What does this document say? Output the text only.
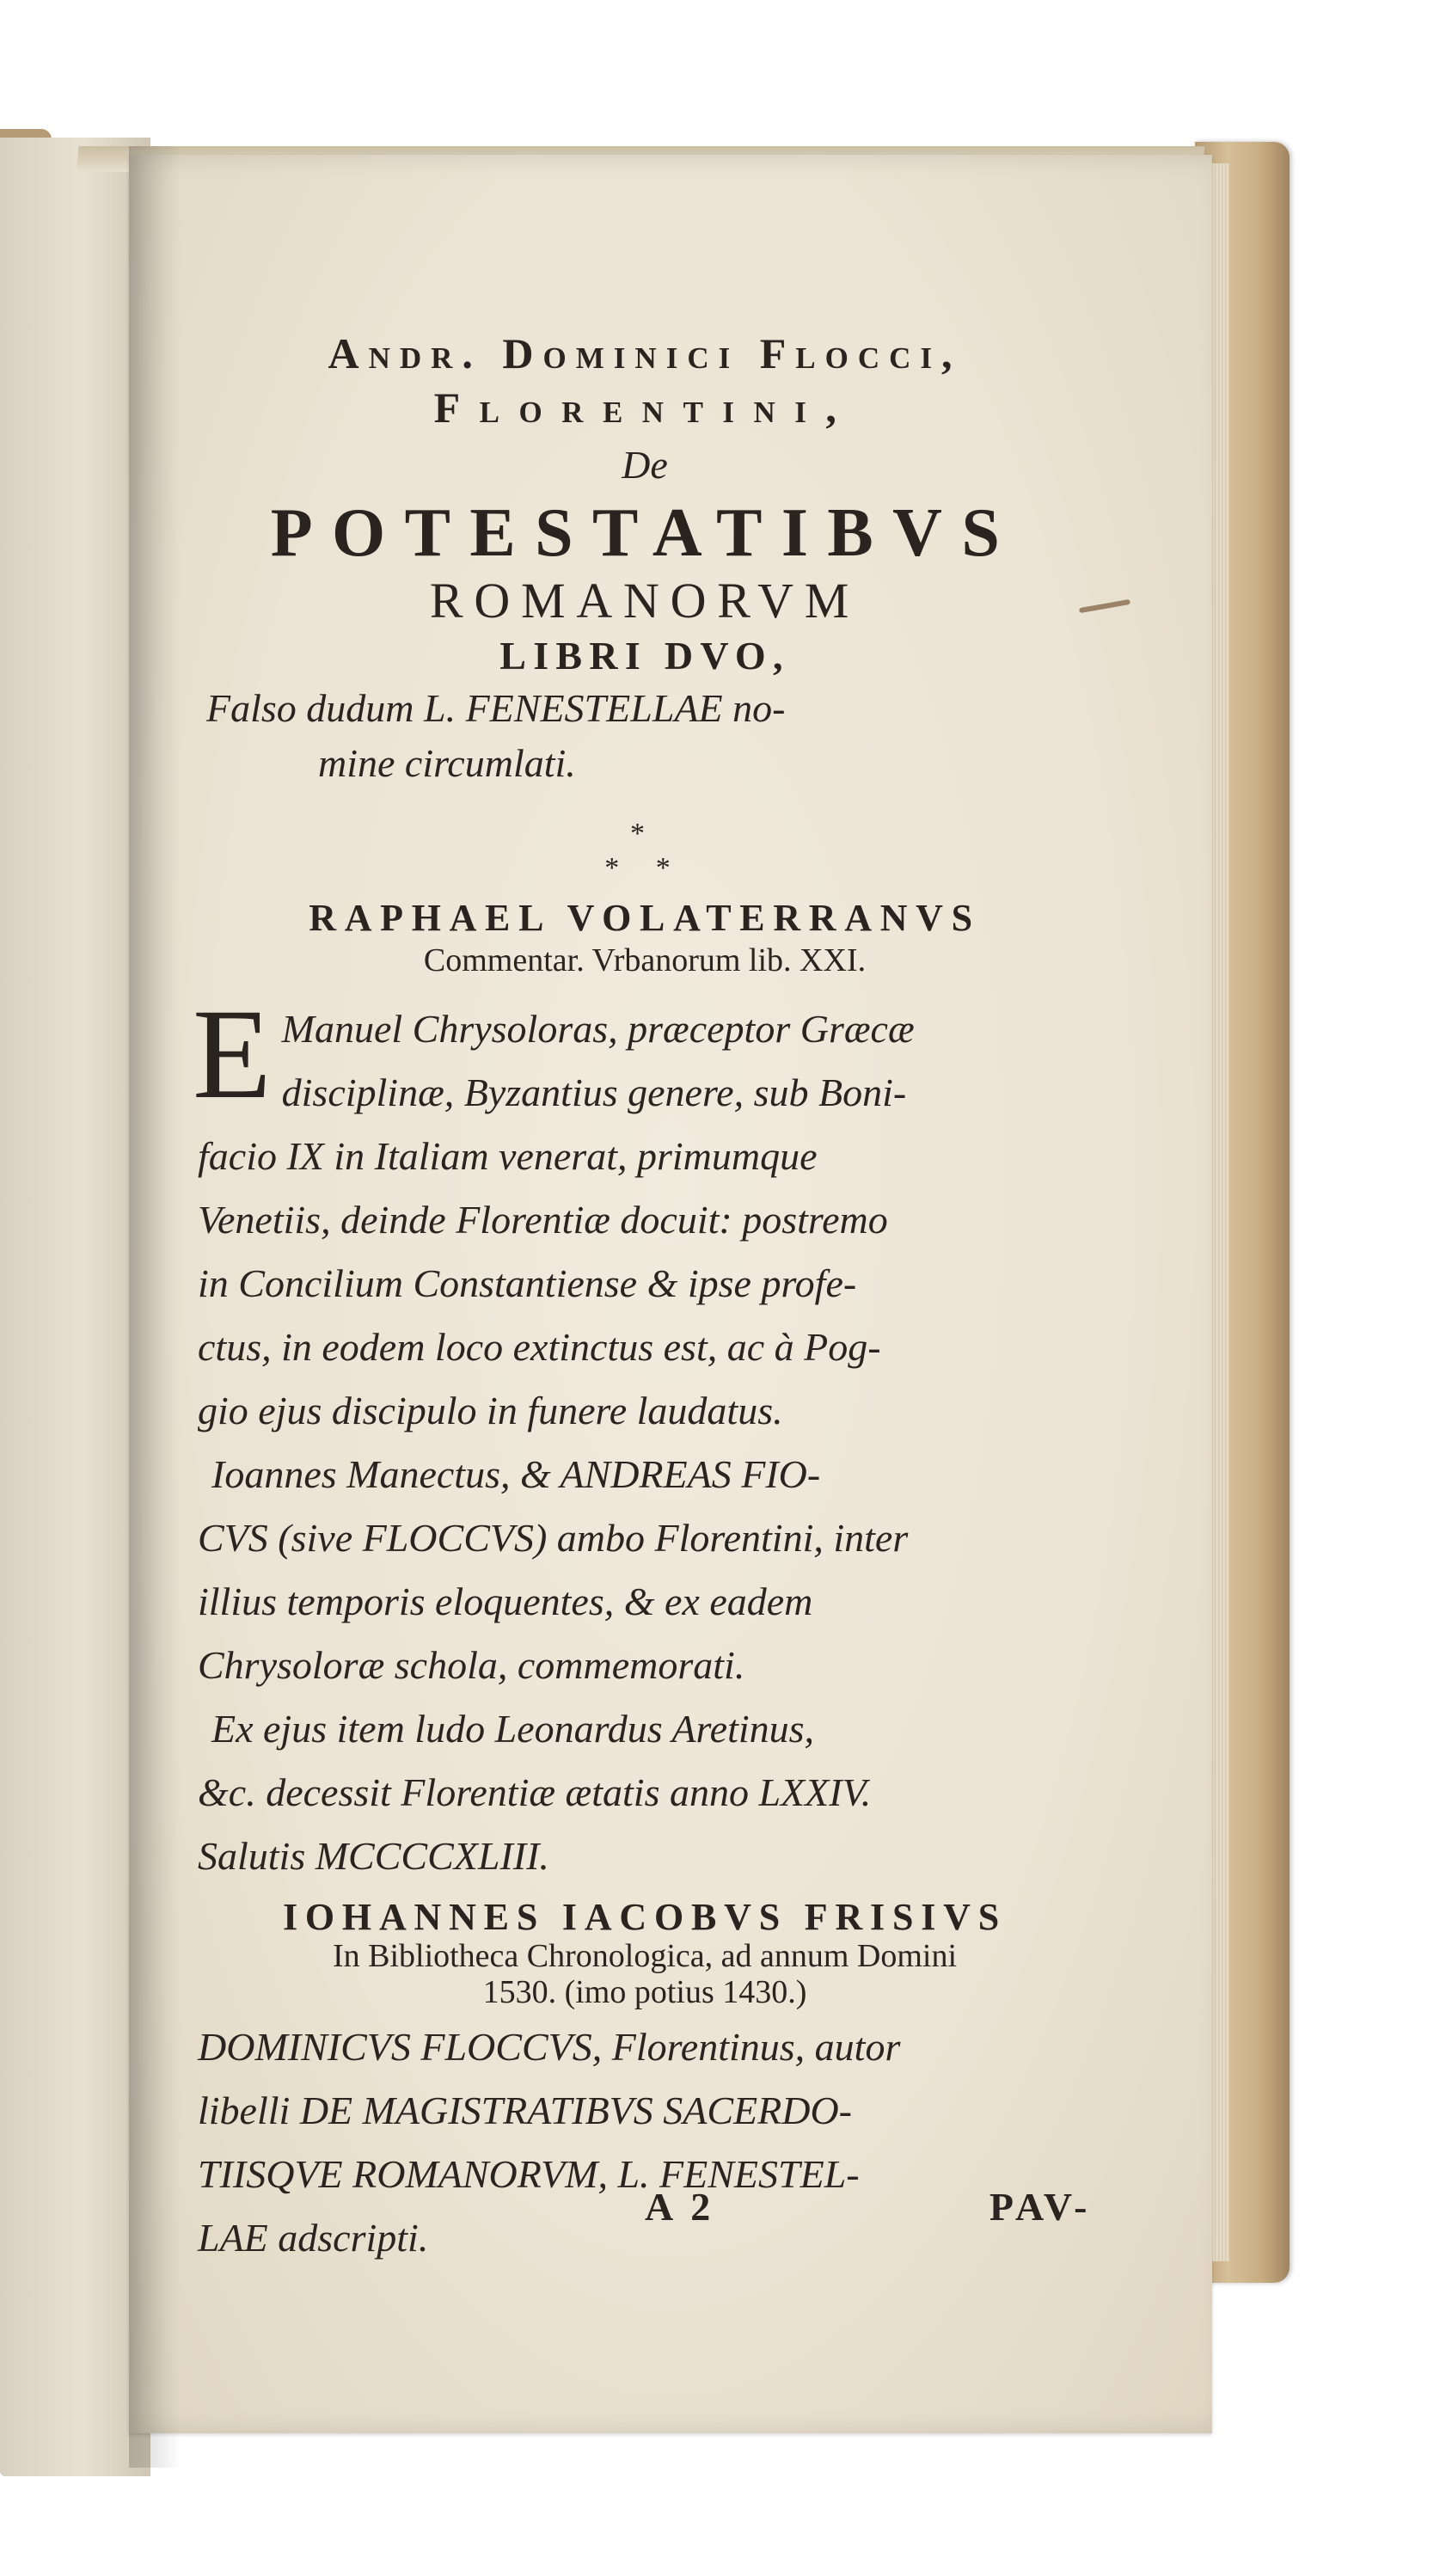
Andr. Dominici Flocci,
Florentini,
De
POTESTATIBVS
ROMANORVM
LIBRI DVO,
Falso dudum L. FENESTELLAE no-
mine circumlati.
*
* *
RAPHAEL VOLATERRANVS
Commentar. Vrbanorum lib. XXI.
E Manuel Chrysoloras, præceptor Græcæ
disciplinæ, Byzantius genere, sub Boni-
facio IX in Italiam venerat, primumque
Venetiis, deinde Florentiæ docuit: postremo
in Concilium Constantiense & ipse profe-
ctus, in eodem loco extinctus est, ac à Pog-
gio ejus discipulo in funere laudatus.
Ioannes Manectus, & ANDREAS FIO-
CVS (sive FLOCCVS) ambo Florentini, inter
illius temporis eloquentes, & ex eadem
Chrysoloræ schola, commemorati.
Ex ejus item ludo Leonardus Aretinus,
&c. decessit Florentiæ ætatis anno LXXIV.
Salutis MCCCCXLIII.
IOHANNES IACOBVS FRISIVS
In Bibliotheca Chronologica, ad annum Domini
1530. (imo potius 1430.)
DOMINICVS FLOCCVS, Florentinus, autor
libelli DE MAGISTRATIBVS SACERDO-
TIISQVE ROMANORVM, L. FENESTEL-
LAE adscripti.
A 2	PAV-
